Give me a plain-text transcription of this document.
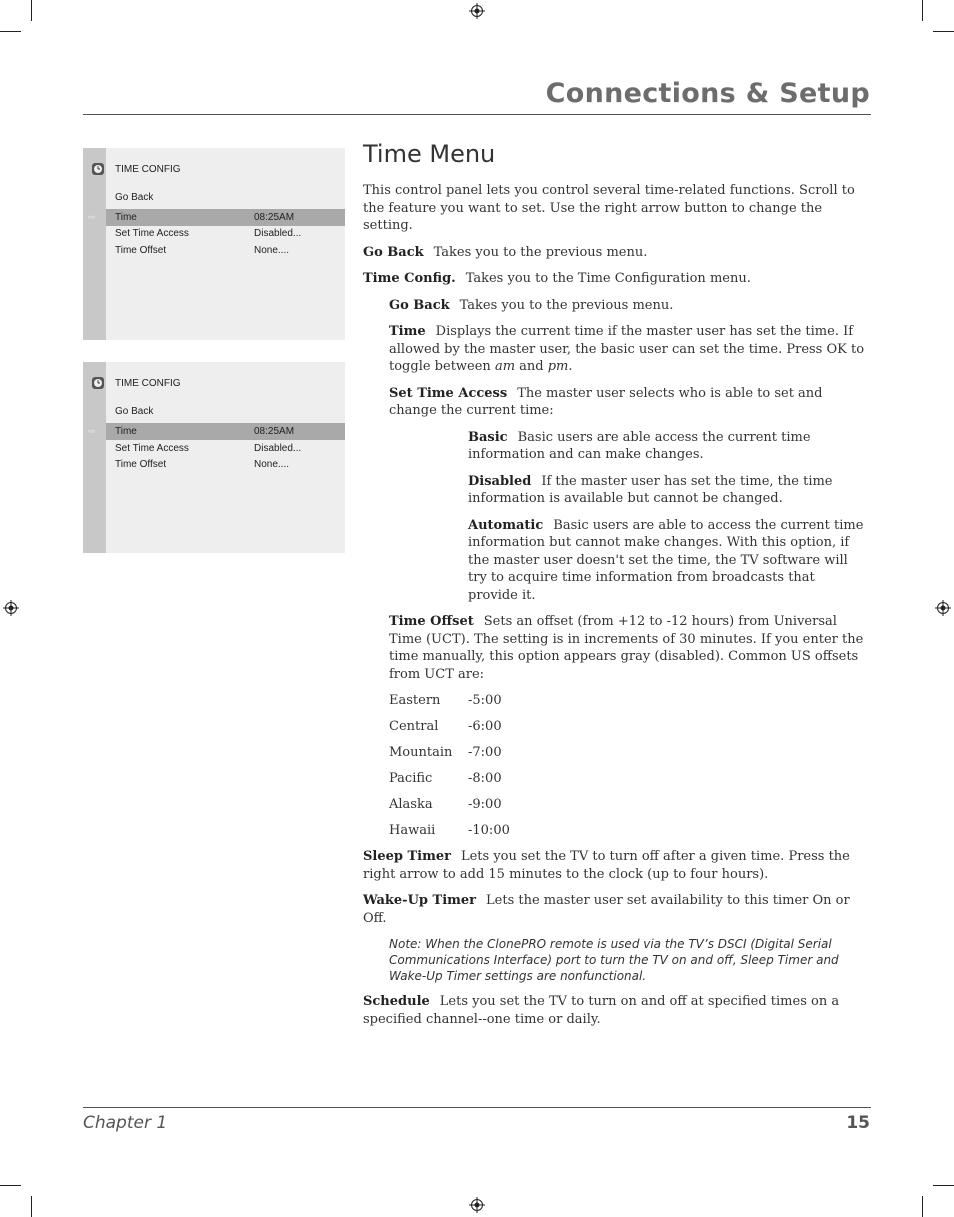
Connections & Setup
TIME CONFIG
Go Back
⇨ Time	08:25AM
Set Time Access	Disabled...
Time Offset	None....
TIME CONFIG
Go Back
⇨ Time	08:25AM
Set Time Access	Disabled...
Time Offset	None....
Time Menu

This control panel lets you control several time-related functions. Scroll to the feature you want to set. Use the right arrow button to change the setting.

Go Back Takes you to the previous menu.

Time Config. Takes you to the Time Configuration menu.

Go Back Takes you to the previous menu.

Time Displays the current time if the master user has set the time. If allowed by the master user, the basic user can set the time. Press OK to toggle between am and pm.

Set Time Access The master user selects who is able to set and change the current time:

Basic Basic users are able access the current time information and can make changes.

Disabled If the master user has set the time, the time information is available but cannot be changed.

Automatic Basic users are able to access the current time information but cannot make changes. With this option, if the master user doesn't set the time, the TV software will try to acquire time information from broadcasts that provide it.

Time Offset Sets an offset (from +12 to -12 hours) from Universal Time (UCT). The setting is in increments of 30 minutes. If you enter the time manually, this option appears gray (disabled). Common US offsets from UCT are:

Eastern	-5:00
Central	-6:00
Mountain	-7:00
Pacific	-8:00
Alaska	-9:00
Hawaii	-10:00

Sleep Timer Lets you set the TV to turn off after a given time. Press the right arrow to add 15 minutes to the clock (up to four hours).

Wake-Up Timer Lets the master user set availability to this timer On or Off.

Note: When the ClonePRO remote is used via the TV’s DSCI (Digital Serial Communications Interface) port to turn the TV on and off, Sleep Timer and Wake-Up Timer settings are nonfunctional.

Schedule Lets you set the TV to turn on and off at specified times on a specified channel--one time or daily.

Chapter 1	15
